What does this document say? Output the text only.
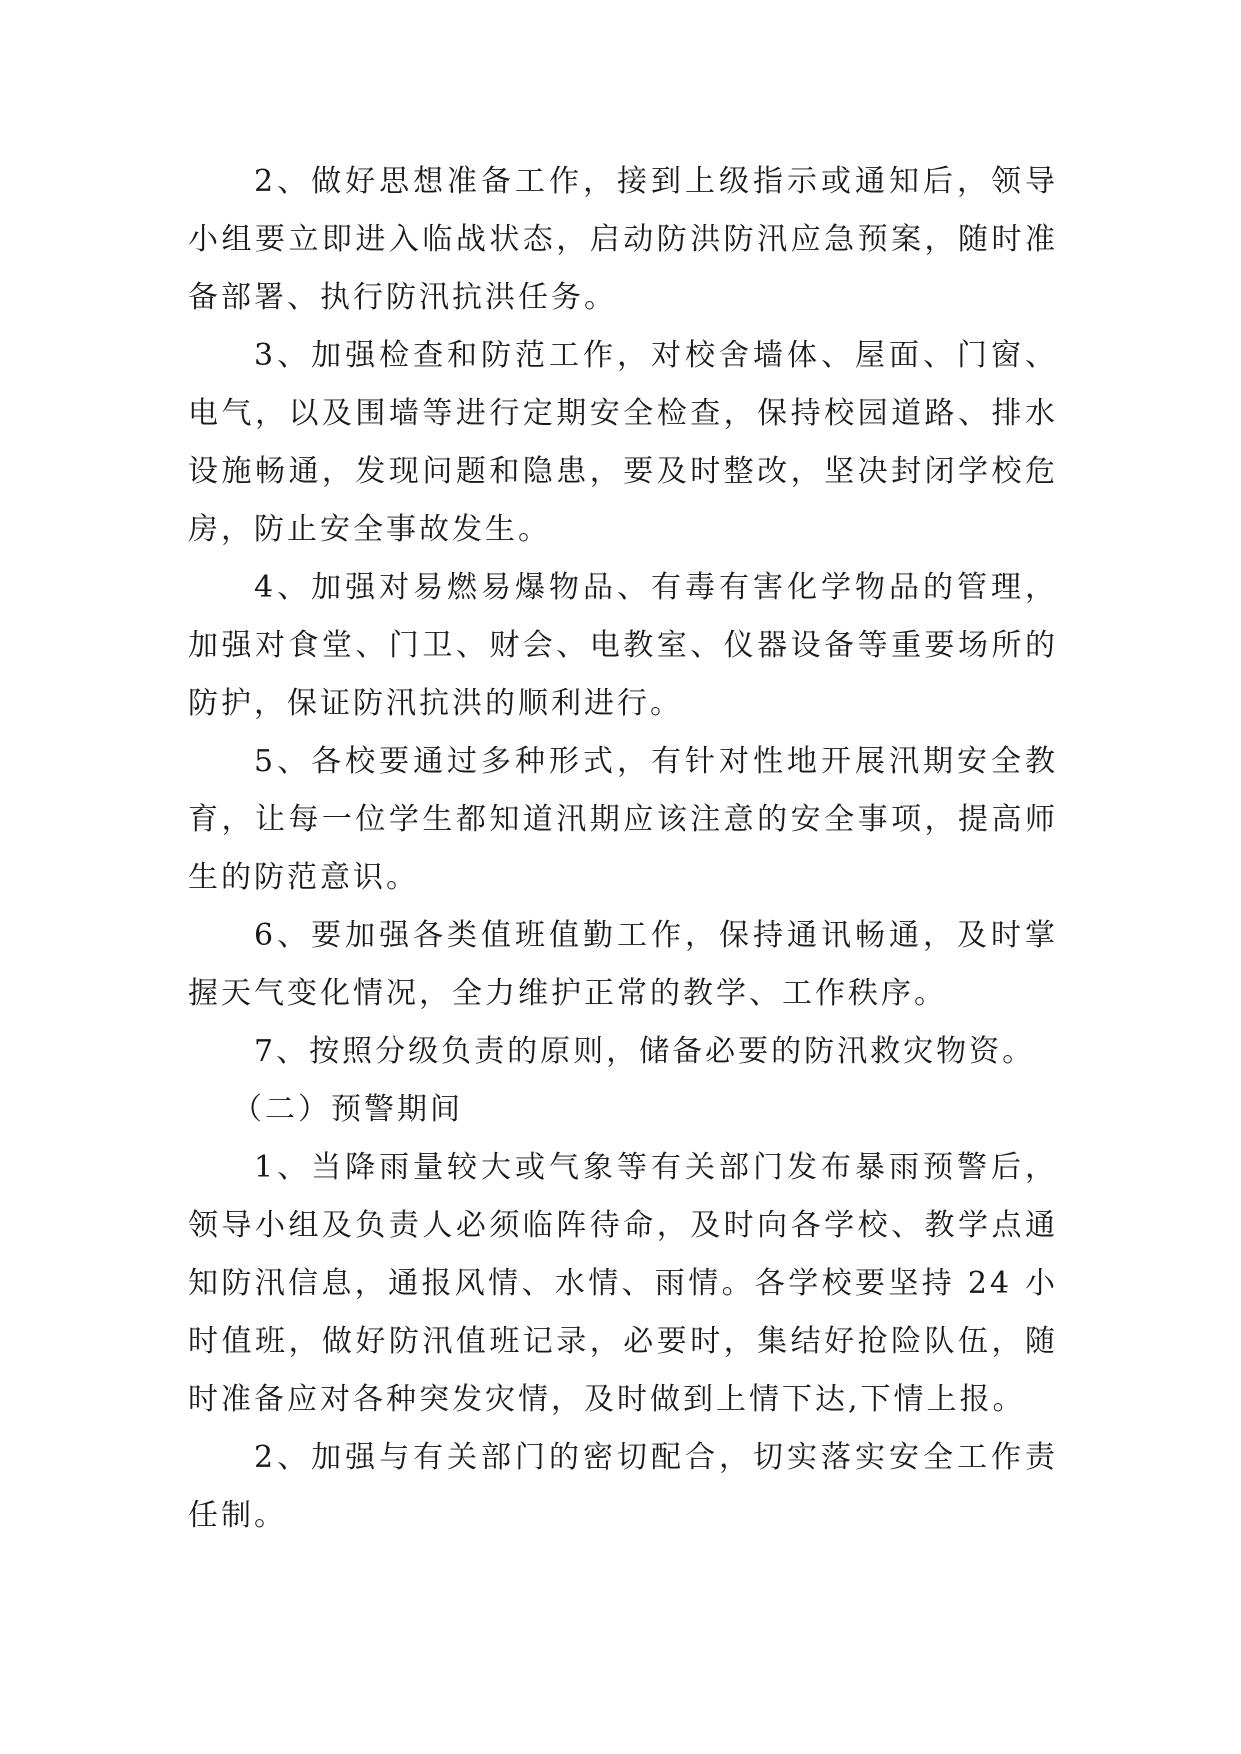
2、做好思想准备工作，接到上级指示或通知后，领导
小组要立即进入临战状态，启动防洪防汛应急预案，随时准
备部署、执行防汛抗洪任务。

3、加强检查和防范工作，对校舍墙体、屋面、门窗、
电气，以及围墙等进行定期安全检查，保持校园道路、排水
设施畅通，发现问题和隐患，要及时整改，坚决封闭学校危
房，防止安全事故发生。

4、加强对易燃易爆物品、有毒有害化学物品的管理，
加强对食堂、门卫、财会、电教室、仪器设备等重要场所的
防护，保证防汛抗洪的顺利进行。

5、各校要通过多种形式，有针对性地开展汛期安全教
育，让每一位学生都知道汛期应该注意的安全事项，提高师
生的防范意识。

6、要加强各类值班值勤工作，保持通讯畅通，及时掌
握天气变化情况，全力维护正常的教学、工作秩序。

7、按照分级负责的原则，储备必要的防汛救灾物资。

（二）预警期间

1、当降雨量较大或气象等有关部门发布暴雨预警后，
领导小组及负责人必须临阵待命，及时向各学校、教学点通
知防汛信息，通报风情、水情、雨情。各学校要坚持 24 小
时值班，做好防汛值班记录，必要时，集结好抢险队伍，随
时准备应对各种突发灾情，及时做到上情下达,下情上报。

2、加强与有关部门的密切配合，切实落实安全工作责
任制。
